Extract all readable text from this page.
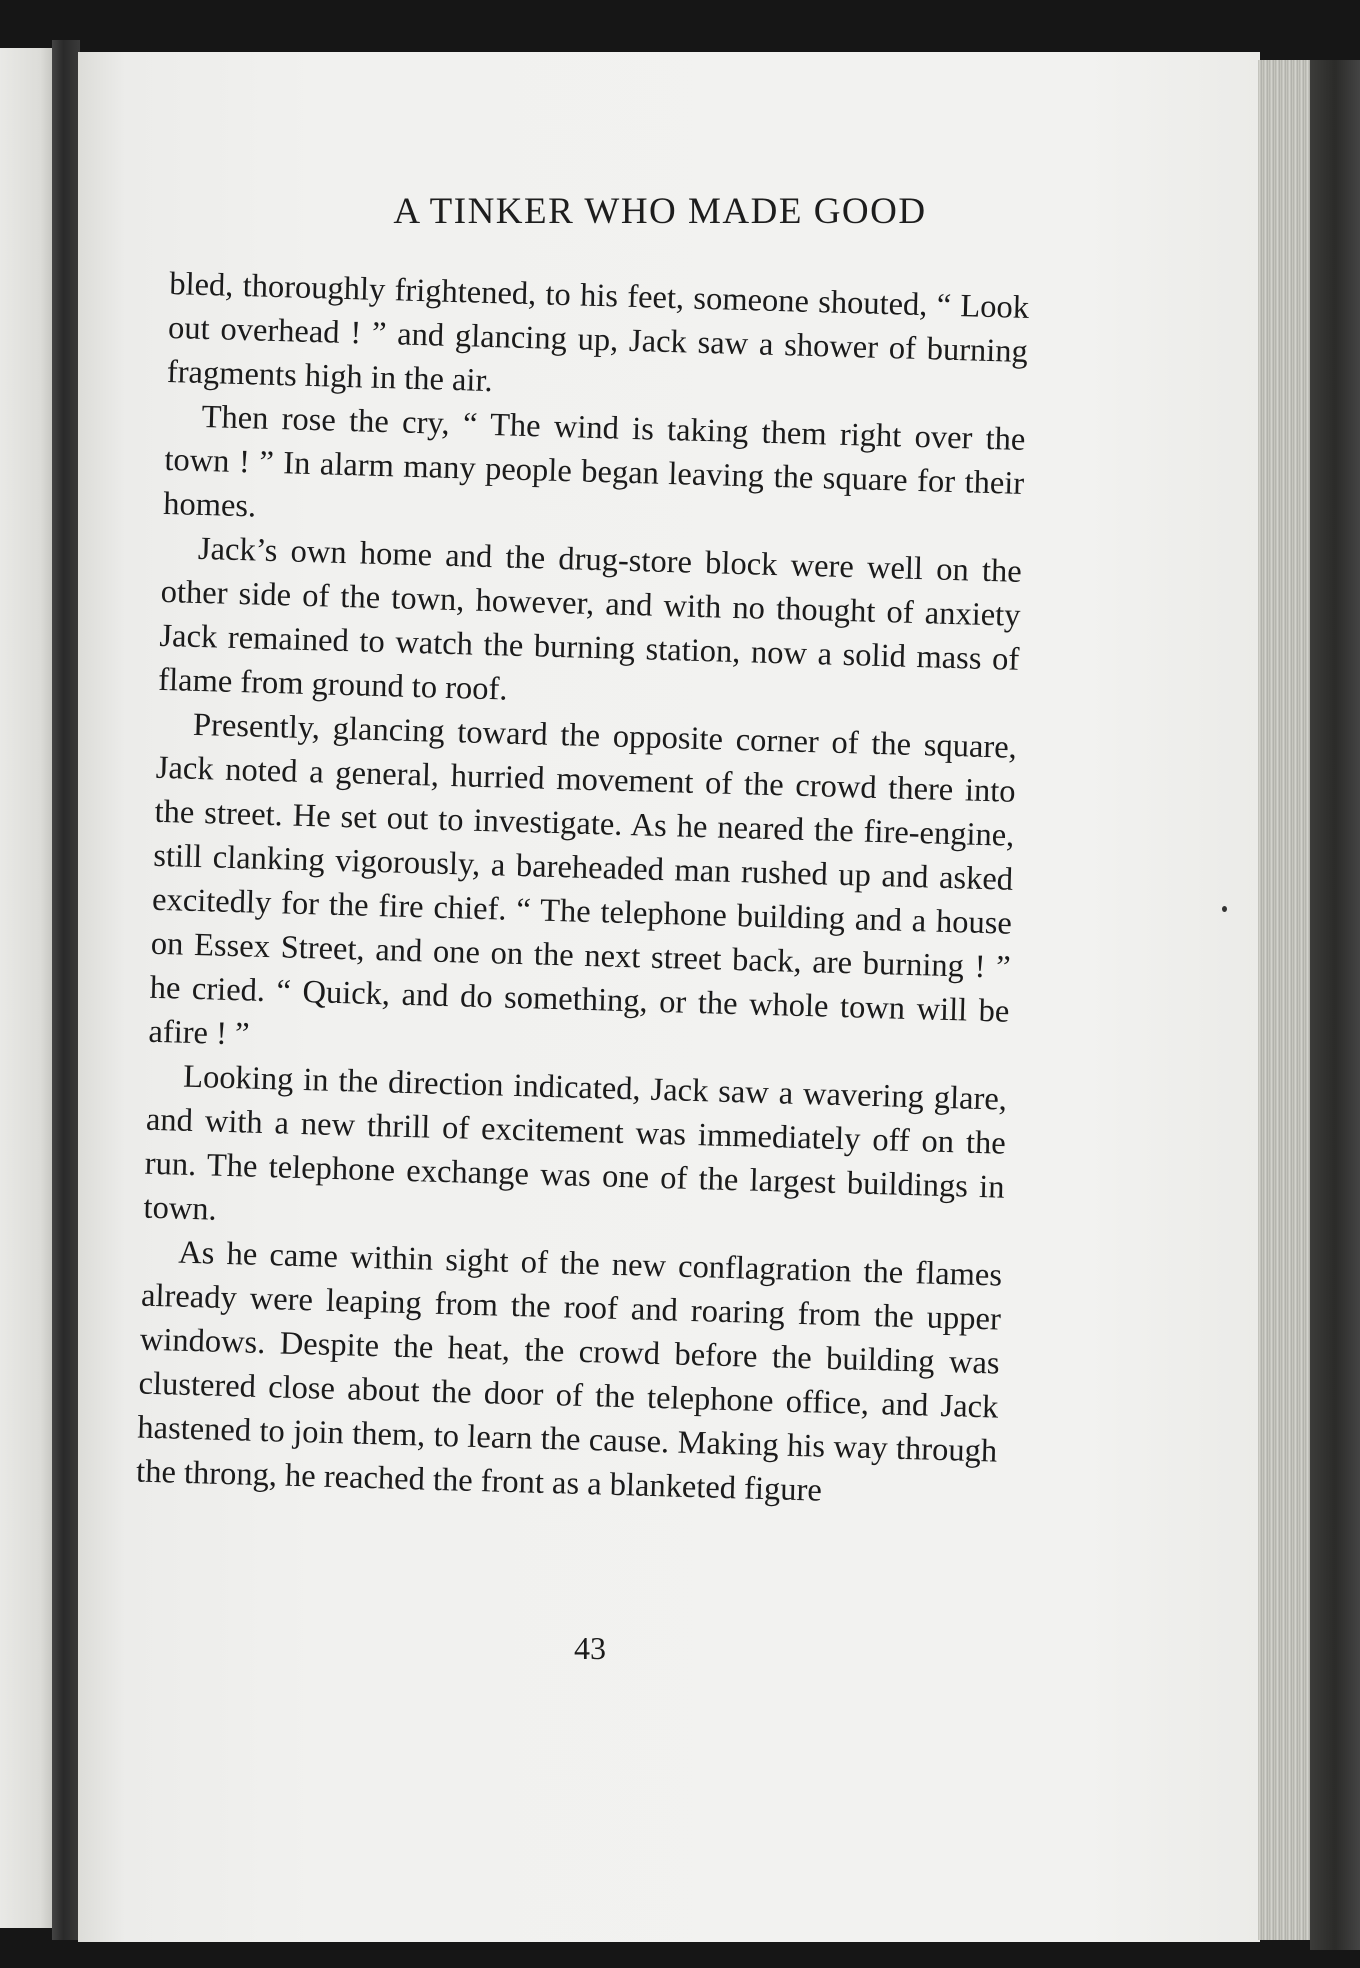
A TINKER WHO MADE GOOD

bled, thoroughly frightened, to his feet, someone shouted, “ Look out overhead ! ” and glancing up, Jack saw a shower of burning fragments high in the air.

Then rose the cry, “ The wind is taking them right over the town ! ” In alarm many people began leaving the square for their homes.

Jack’s own home and the drug-store block were well on the other side of the town, however, and with no thought of anxiety Jack remained to watch the burning station, now a solid mass of flame from ground to roof.

Presently, glancing toward the opposite corner of the square, Jack noted a general, hurried movement of the crowd there into the street. He set out to investigate. As he neared the fire-engine, still clanking vigorously, a bareheaded man rushed up and asked excitedly for the fire chief. “ The telephone building and a house on Essex Street, and one on the next street back, are burning ! ” he cried. “ Quick, and do something, or the whole town will be afire ! ”

Looking in the direction indicated, Jack saw a wavering glare, and with a new thrill of excitement was immediately off on the run. The telephone exchange was one of the largest buildings in town.

As he came within sight of the new conflagration the flames already were leaping from the roof and roaring from the upper windows. Despite the heat, the crowd before the building was clustered close about the door of the telephone office, and Jack hastened to join them, to learn the cause. Making his way through the throng, he reached the front as a blanketed figure

43
